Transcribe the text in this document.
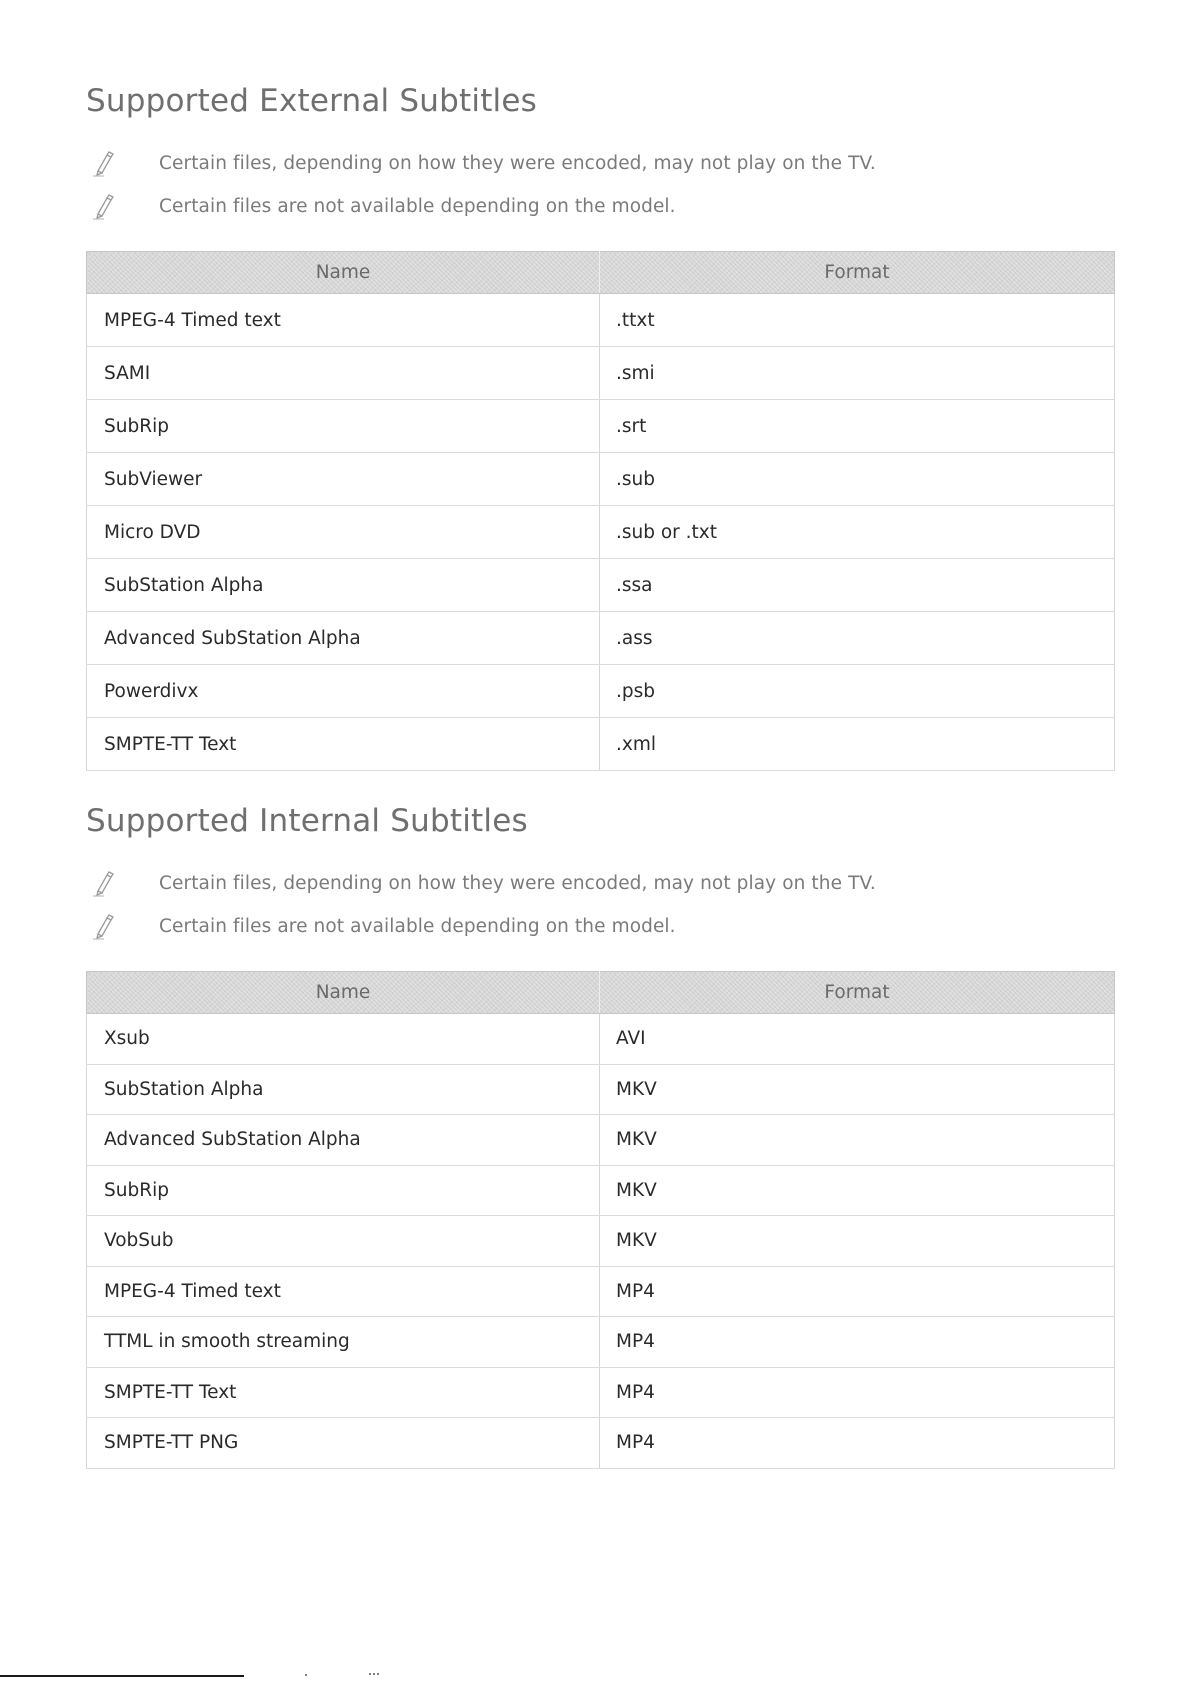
Supported External Subtitles
Certain files, depending on how they were encoded, may not play on the TV.
Certain files are not available depending on the model.
Name	Format
MPEG-4 Timed text	.ttxt
SAMI	.smi
SubRip	.srt
SubViewer	.sub
Micro DVD	.sub or .txt
SubStation Alpha	.ssa
Advanced SubStation Alpha	.ass
Powerdivx	.psb
SMPTE-TT Text	.xml
Supported Internal Subtitles
Certain files, depending on how they were encoded, may not play on the TV.
Certain files are not available depending on the model.
Name	Format
Xsub	AVI
SubStation Alpha	MKV
Advanced SubStation Alpha	MKV
SubRip	MKV
VobSub	MKV
MPEG-4 Timed text	MP4
TTML in smooth streaming	MP4
SMPTE-TT Text	MP4
SMPTE-TT PNG	MP4
